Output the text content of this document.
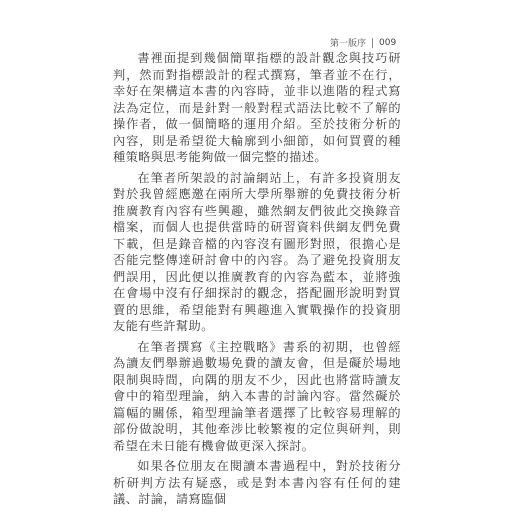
第一版序 009

書裡面提到幾個簡單指標的設計觀念與技巧研判，然而對指標設計的程式撰寫，筆者並不在行，幸好在架構這本書的內容時，並非以進階的程式寫法為定位，而是針對一般對程式語法比較不了解的操作者，做一個簡略的運用介紹。至於技術分析的內容，則是希望從大輪廓到小細節，如何買賣的種種策略與思考能夠做一個完整的描述。

在筆者所架設的討論網站上，有許多投資朋友對於我曾經應邀在兩所大學所舉辦的免費技術分析推廣教育內容有些興趣，雖然網友們彼此交換錄音檔案，而個人也提供當時的研習資料供網友們免費下載，但是錄音檔的內容沒有圖形對照，很擔心是否能完整傳達研討會中的內容。為了避免投資朋友們誤用，因此便以推廣教育的內容為藍本，並將強在會場中沒有仔細探討的觀念，搭配圖形說明對買賣的思維，希望能對有興趣進入實戰操作的投資朋友能有些許幫助。

在筆者撰寫《主控戰略》書系的初期，也曾經為讀友們舉辦過數場免費的讀友會，但是礙於場地限制與時間，向隅的朋友不少，因此也將當時讀友會中的箱型理論，納入本書的討論內容。當然礙於篇幅的關係，箱型理論筆者選擇了比較容易理解的部份做說明，其他牽涉比較繁複的定位與研判，則希望在未日能有機會做更深入探討。

如果各位朋友在閱讀本書過程中，對於技術分析研判方法有疑惑，或是對本書內容有任何的建議、討論，請寫臨個
